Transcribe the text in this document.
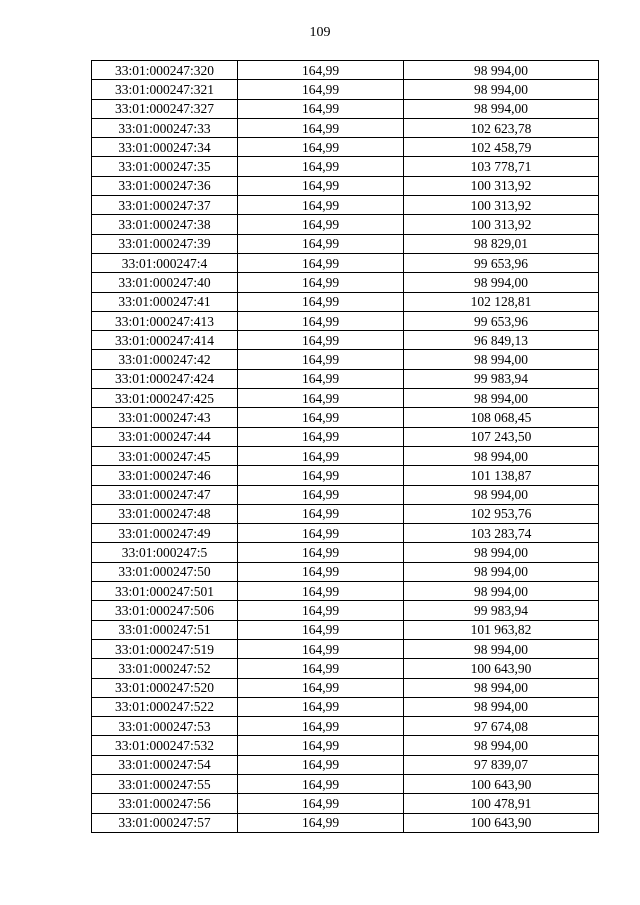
109
33:01:000247:320	164,99	98 994,00
33:01:000247:321	164,99	98 994,00
33:01:000247:327	164,99	98 994,00
33:01:000247:33	164,99	102 623,78
33:01:000247:34	164,99	102 458,79
33:01:000247:35	164,99	103 778,71
33:01:000247:36	164,99	100 313,92
33:01:000247:37	164,99	100 313,92
33:01:000247:38	164,99	100 313,92
33:01:000247:39	164,99	98 829,01
33:01:000247:4	164,99	99 653,96
33:01:000247:40	164,99	98 994,00
33:01:000247:41	164,99	102 128,81
33:01:000247:413	164,99	99 653,96
33:01:000247:414	164,99	96 849,13
33:01:000247:42	164,99	98 994,00
33:01:000247:424	164,99	99 983,94
33:01:000247:425	164,99	98 994,00
33:01:000247:43	164,99	108 068,45
33:01:000247:44	164,99	107 243,50
33:01:000247:45	164,99	98 994,00
33:01:000247:46	164,99	101 138,87
33:01:000247:47	164,99	98 994,00
33:01:000247:48	164,99	102 953,76
33:01:000247:49	164,99	103 283,74
33:01:000247:5	164,99	98 994,00
33:01:000247:50	164,99	98 994,00
33:01:000247:501	164,99	98 994,00
33:01:000247:506	164,99	99 983,94
33:01:000247:51	164,99	101 963,82
33:01:000247:519	164,99	98 994,00
33:01:000247:52	164,99	100 643,90
33:01:000247:520	164,99	98 994,00
33:01:000247:522	164,99	98 994,00
33:01:000247:53	164,99	97 674,08
33:01:000247:532	164,99	98 994,00
33:01:000247:54	164,99	97 839,07
33:01:000247:55	164,99	100 643,90
33:01:000247:56	164,99	100 478,91
33:01:000247:57	164,99	100 643,90
